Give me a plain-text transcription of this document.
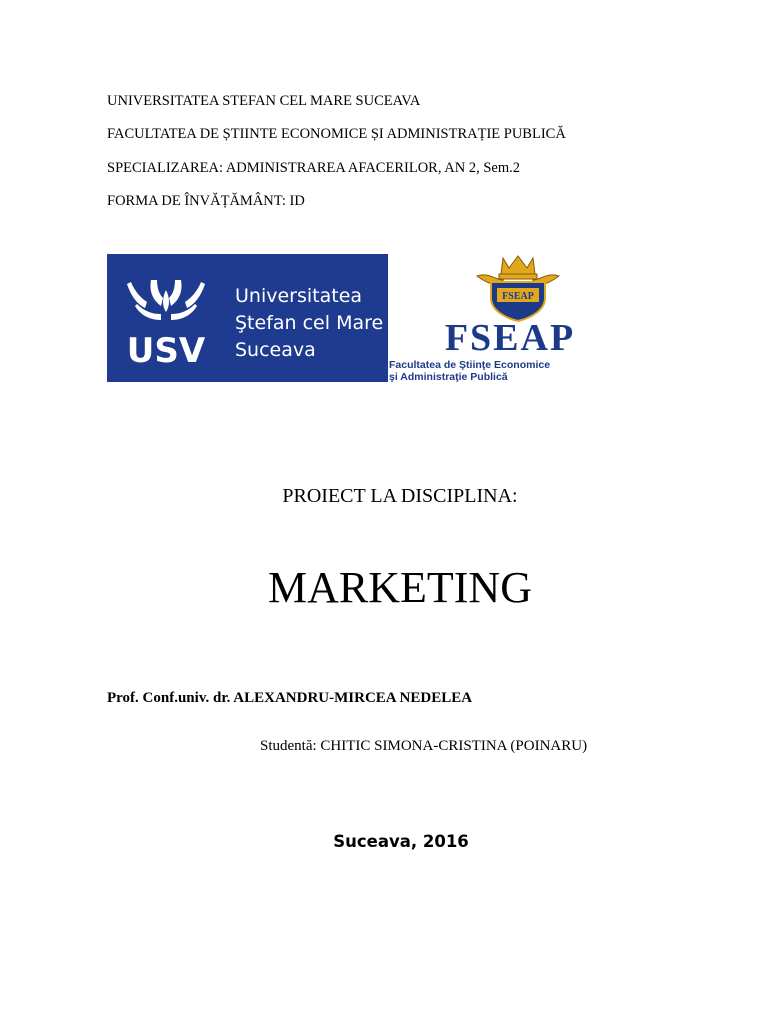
UNIVERSITATEA STEFAN CEL MARE SUCEAVA
FACULTATEA DE ȘTIINTE ECONOMICE ȘI ADMINISTRAȚIE PUBLICĂ
SPECIALIZAREA: ADMINISTRAREA AFACERILOR, AN 2, Sem.2
FORMA DE ÎNVĂȚĂMÂNT: ID
USV
Universitatea
Ştefan cel Mare
Suceava
FSEAP
FSEAP
Facultatea de Ştiinţe Economice
şi Administraţie Publică
PROIECT LA DISCIPLINA:
MARKETING
Prof. Conf.univ. dr. ALEXANDRU-MIRCEA NEDELEA
Studentă: CHITIC SIMONA-CRISTINA (POINARU)
Suceava, 2016
